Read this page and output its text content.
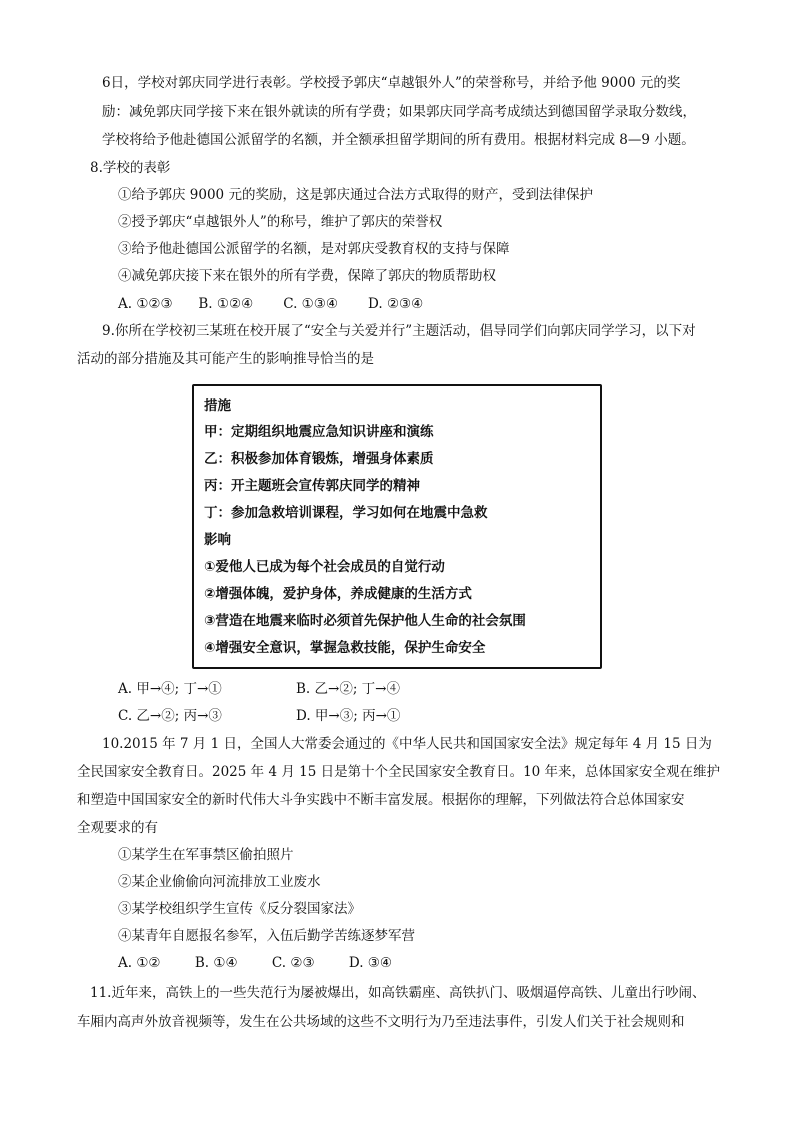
6日，学校对郭庆同学进行表彰。学校授予郭庆“卓越银外人”的荣誉称号，并给予他 9000 元的奖
励：减免郭庆同学接下来在银外就读的所有学费；如果郭庆同学高考成绩达到德国留学录取分数线，
学校将给予他赴德国公派留学的名额，并全额承担留学期间的所有费用。根据材料完成 8—9 小题。
8.学校的表彰
①给予郭庆 9000 元的奖励，这是郭庆通过合法方式取得的财产，受到法律保护
②授予郭庆“卓越银外人”的称号，维护了郭庆的荣誉权
③给予他赴德国公派留学的名额，是对郭庆受教育权的支持与保障
④减免郭庆接下来在银外的所有学费，保障了郭庆的物质帮助权
A. ①②③      B. ①②④       C. ①③④       D. ②③④
9.你所在学校初三某班在校开展了“安全与关爱并行”主题活动，倡导同学们向郭庆同学学习，以下对
活动的部分措施及其可能产生的影响推导恰当的是
措施
甲：定期组织地震应急知识讲座和演练
乙：积极参加体育锻炼，增强身体素质
丙：开主题班会宣传郭庆同学的精神
丁：参加急救培训课程，学习如何在地震中急救
影响
①爱他人已成为每个社会成员的自觉行动
②增强体魄，爱护身体，养成健康的生活方式
③营造在地震来临时必须首先保护他人生命的社会氛围
④增强安全意识，掌握急救技能，保护生命安全
A. 甲→④; 丁→①	B. 乙→②; 丁→④
C. 乙→②; 丙→③	D. 甲→③; 丙→①
10.2015 年 7 月 1 日，全国人大常委会通过的《中华人民共和国国家安全法》规定每年 4 月 15 日为
全民国家安全教育日。2025 年 4 月 15 日是第十个全民国家安全教育日。10 年来，总体国家安全观在维护
和塑造中国国家安全的新时代伟大斗争实践中不断丰富发展。根据你的理解，下列做法符合总体国家安
全观要求的有
①某学生在军事禁区偷拍照片
②某企业偷偷向河流排放工业废水
③某学校组织学生宣传《反分裂国家法》
④某青年自愿报名参军，入伍后勤学苦练逐梦军营
A. ①②        B. ①④        C. ②③        D. ③④
11.近年来，高铁上的一些失范行为屡被爆出，如高铁霸座、高铁扒门、吸烟逼停高铁、儿童出行吵闹、
车厢内高声外放音视频等，发生在公共场域的这些不文明行为乃至违法事件，引发人们关于社会规则和
